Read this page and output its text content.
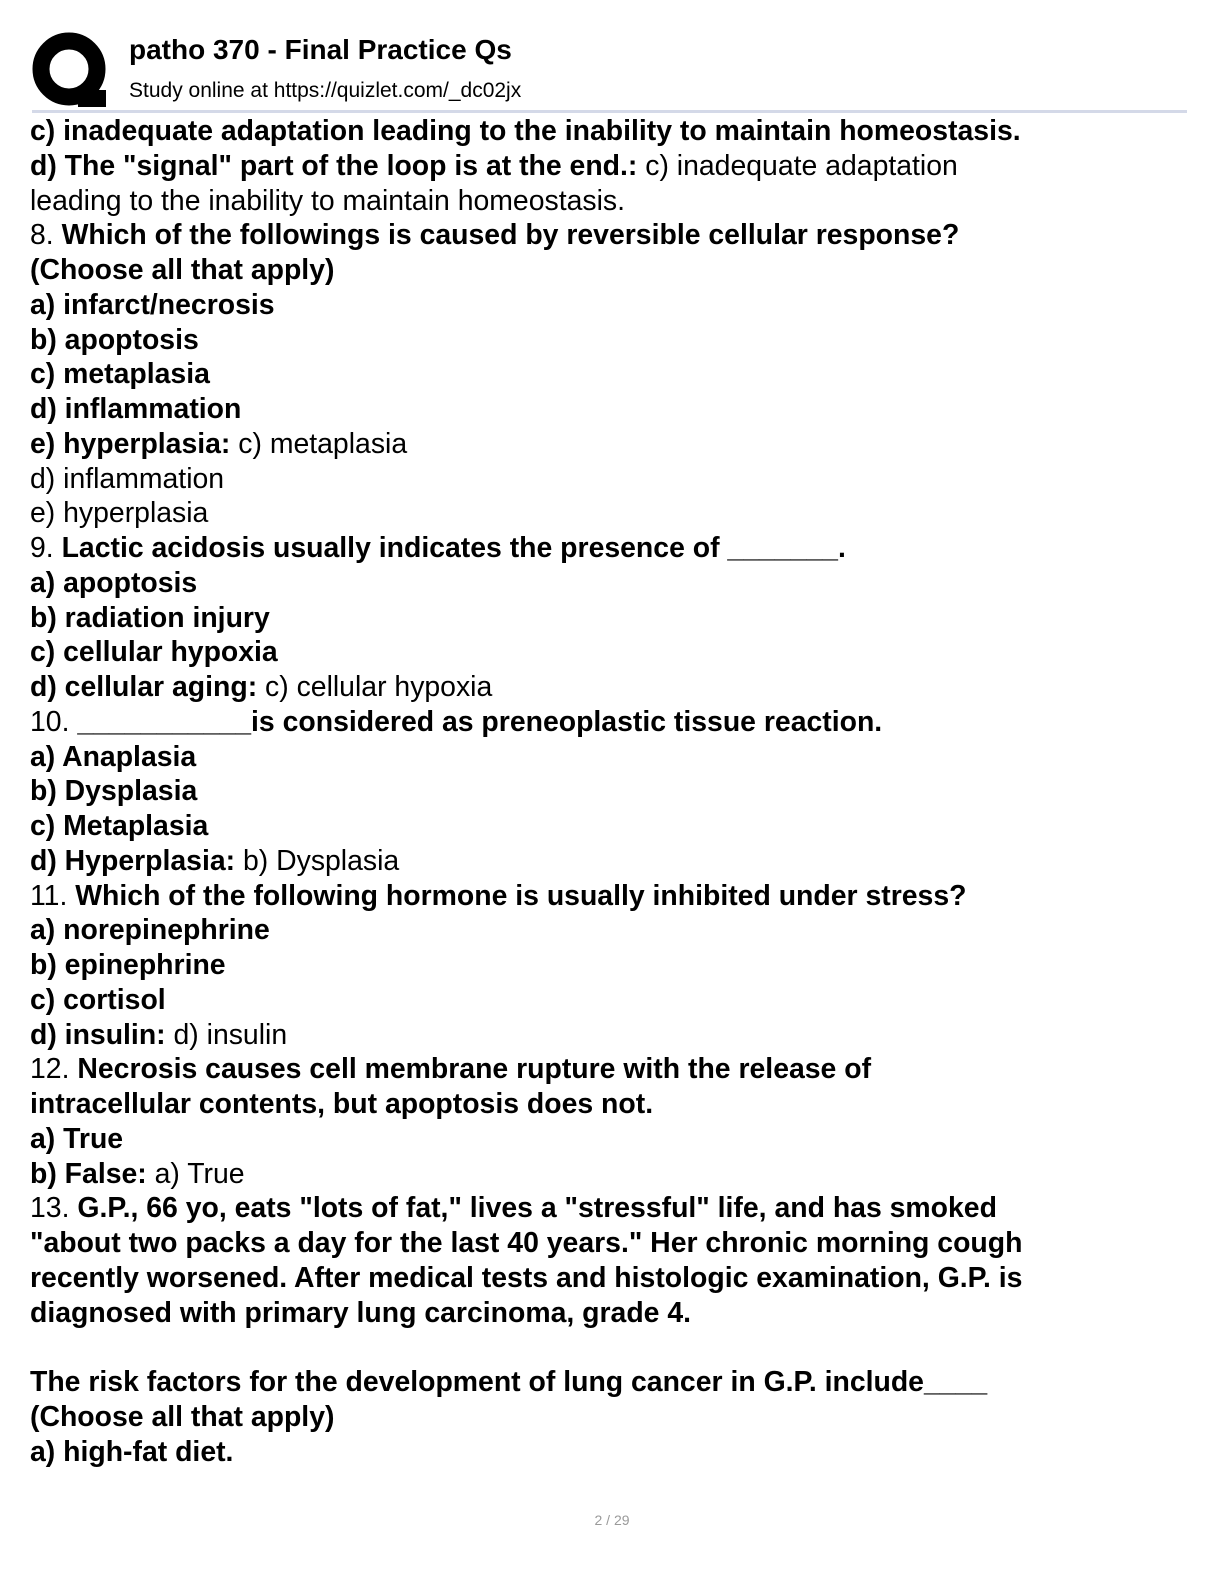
patho 370 - Final Practice Qs
Study online at https://quizlet.com/_dc02jx
c) inadequate adaptation leading to the inability to maintain homeostasis.
d) The "signal" part of the loop is at the end.: c) inadequate adaptation
leading to the inability to maintain homeostasis.
8. Which of the followings is caused by reversible cellular response?
(Choose all that apply)
a) infarct/necrosis
b) apoptosis
c) metaplasia
d) inflammation
e) hyperplasia: c) metaplasia
d) inflammation
e) hyperplasia
9. Lactic acidosis usually indicates the presence of _______.
a) apoptosis
b) radiation injury
c) cellular hypoxia
d) cellular aging: c) cellular hypoxia
10. ___________is considered as preneoplastic tissue reaction.
a) Anaplasia
b) Dysplasia
c) Metaplasia
d) Hyperplasia: b) Dysplasia
11. Which of the following hormone is usually inhibited under stress?
a) norepinephrine
b) epinephrine
c) cortisol
d) insulin: d) insulin
12. Necrosis causes cell membrane rupture with the release of
intracellular contents, but apoptosis does not.
a) True
b) False: a) True
13. G.P., 66 yo, eats "lots of fat," lives a "stressful" life, and has smoked
"about two packs a day for the last 40 years." Her chronic morning cough
recently worsened. After medical tests and histologic examination, G.P. is
diagnosed with primary lung carcinoma, grade 4.

The risk factors for the development of lung cancer in G.P. include____
(Choose all that apply)
a) high-fat diet.
2 / 29
